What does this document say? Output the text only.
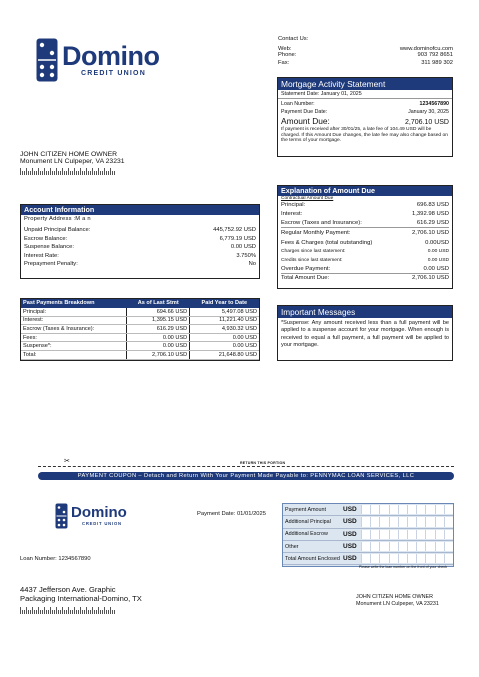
Domino
CREDIT UNION
Contact Us:
Web:	www.dominofcu.com
Phone:	903 792 8651
Fax:	311 989 302
Mortgage Activity Statement
Statement Date: January 01, 2025
Loan Number:	1234567890
Payment Due Date:	January 30, 2025
Amount Due:	2,706.10 USD
If payment is received after 30/01/25, a late fee of 104.49 USD will be charged. If this Amount Due changes, the late fee may also change based on the terms of your mortgage.
JOHN CITIZEN HOME OWNER
Monument LN Culpeper, VA 23231
Explanation of Amount Due
Contractual Amount Due
Principal:	696.83 USD
Interest:	1,392.98 USD
Escrow (Taxes and Insurance):	616.29 USD
Regular Monthly Payment:	2,706.10 USD
Fees & Charges (total outstanding)	0.00USD
Charges since last statement:	0.00 USD
Credits since last statement:	0.00 USD
Overdue Payment:	0.00 USD
Total Amount Due:	2,706.10 USD
Account Information
Property Address :M a n
Unpaid Principal Balance:	445,752.92 USD
Escrow Balance:	6,779.19 USD
Suspense Balance:	0.00 USD
Interest Rate:	3.750%
Prepayment Penalty:	No
Past Payments Breakdown	As of Last Stmt	Paid Year to Date
Principal:	694.66 USD	5,497.08 USD
Interest:	1,395.15 USD	11,221.40 USD
Escrow (Taxes & Insurance):	616.29 USD	4,930.32 USD
Fees:	0.00 USD	0.00 USD
Suspense*:	0.00 USD	0.00 USD
Total:	2,706.10 USD	21,648.80 USD
Important Messages
*Suspense: Any amount received less than a full payment will be applied to a suspense account for your mortgage. When enough is received to equal a full payment, a full payment will be applied to your mortgage.
✂	RETURN THIS PORTION
PAYMENT COUPON – Detach and Return With Your Payment Made Payable to: PENNYMAC LOAN SERVICES, LLC
Domino
CREDIT UNION
Payment Date: 01/01/2025
Payment Amount	USD
Additional Principal	USD
Additional Escrow	USD
Other	USD
Total Amount Enclosed USD
Please write the loan number on the front of your check
Loan Number: 1234567890
4437 Jefferson Ave. Graphic
Packaging International-Domino, TX	JOHN CITIZEN HOME OWNER
Monument LN Culpeper, VA 23231
